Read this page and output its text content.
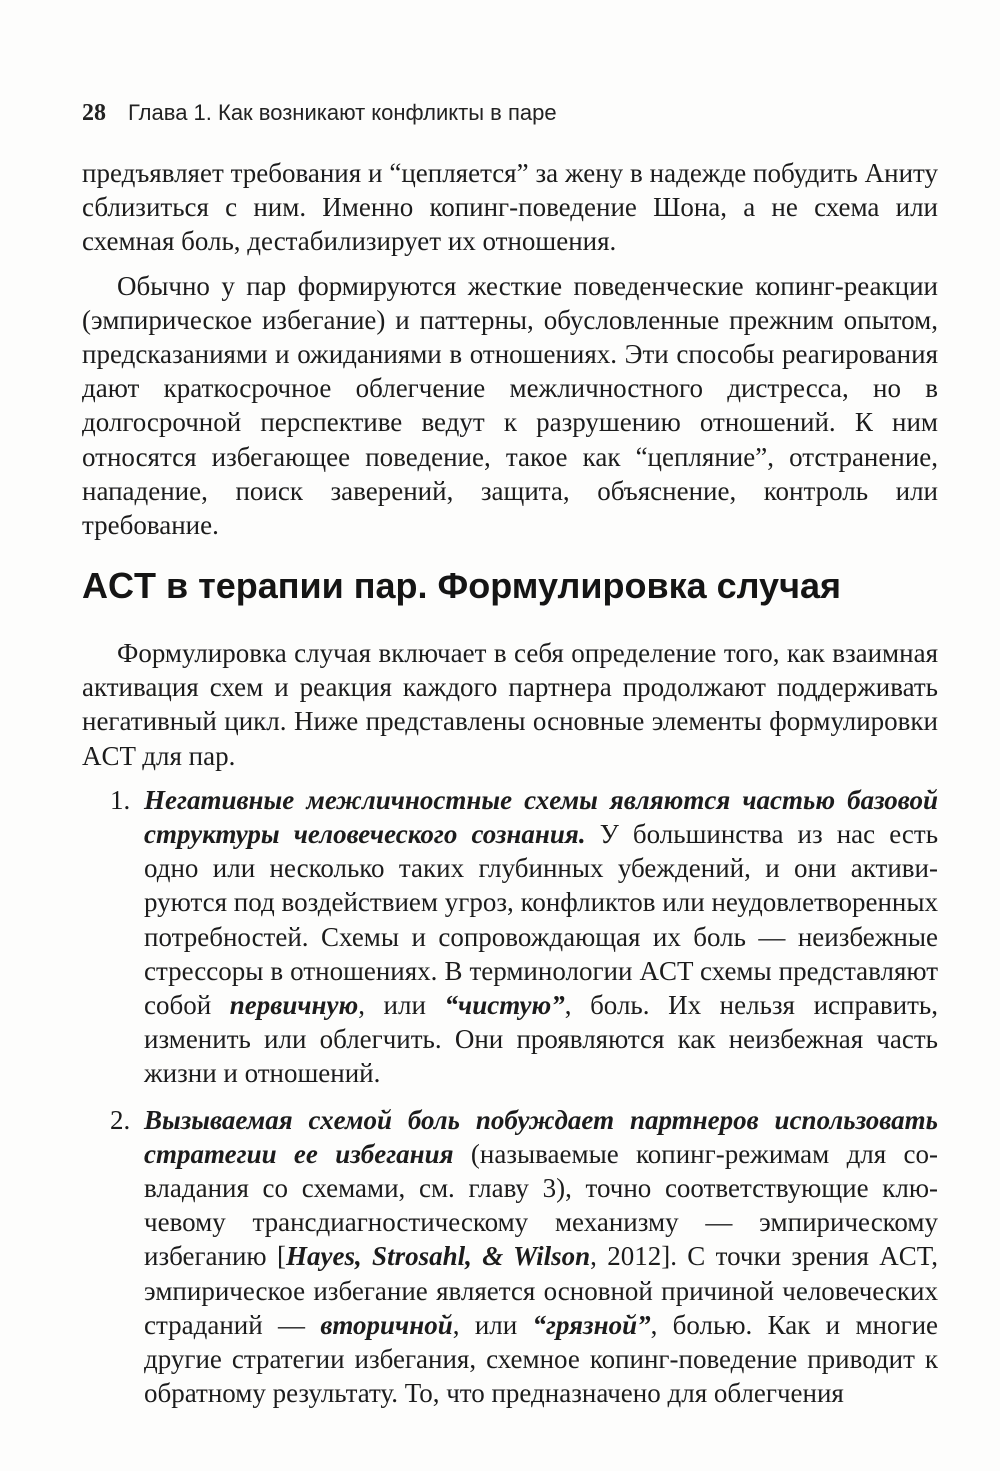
28 Глава 1. Как возникают конфликты в паре

предъявляет требования и “цепляется” за жену в надежде побудить Аниту сблизиться с ним. Именно копинг-поведение Шона, а не схема или схемная боль, дестабилизирует их отношения.

Обычно у пар формируются жесткие поведенческие копинг-реакции (эмпирическое избегание) и паттерны, обусловленные прежним опытом, предсказаниями и ожиданиями в отношениях. Эти способы реагирования дают краткосрочное облегчение межличностного дистресса, но в долгосрочной перспективе ведут к разрушению отношений. К ним относятся избегающее поведение, такое как “цепляние”, отстранение, нападение, поиск заверений, защита, объяснение, контроль или требование.

ACT в терапии пар. Формулировка случая

Формулировка случая включает в себя определение того, как взаимная активация схем и реакция каждого партнера продолжают поддерживать негативный цикл. Ниже представлены основные элементы формулировки ACT для пар.

1. Негативные межличностные схемы являются частью базовой структуры человеческого сознания. У большинства из нас есть одно или несколько таких глубинных убеждений, и они активируются под воздействием угроз, конфликтов или неудовлетворенных потребностей. Схемы и сопровождающая их боль — неизбежные стрессоры в отношениях. В терминологии ACT схемы представляют собой первичную, или “чистую”, боль. Их нельзя исправить, изменить или облегчить. Они проявляются как неизбежная часть жизни и отношений.
2. Вызываемая схемой боль побуждает партнеров использовать стратегии ее избегания (называемые копинг-режимам для совладания со схемами, см. главу 3), точно соответствующие ключевому трансдиагностическому механизму — эмпирическому избеганию [Hayes, Strosahl, & Wilson, 2012]. С точки зрения ACT, эмпирическое избегание является основной причиной человеческих страданий — вторичной, или “грязной”, болью. Как и многие другие стратегии избегания, схемное копинг-поведение приводит к обратному результату. То, что предназначено для облегчения
